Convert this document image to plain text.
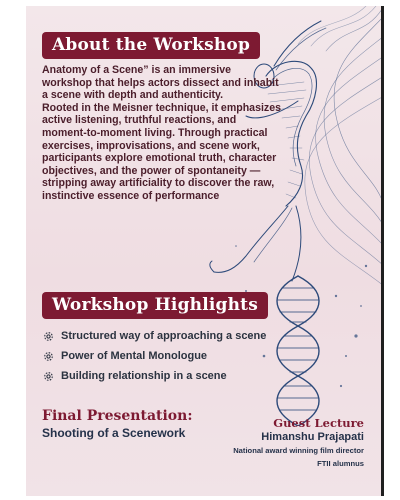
About the Workshop

Anatomy of a Scene” is an immersive workshop that helps actors dissect and inhabit a scene with depth and authenticity.

Rooted in the Meisner technique, it emphasizes active listening, truthful reactions, and moment-to-moment living. Through practical exercises, improvisations, and scene work, participants explore emotional truth, character objectives, and the power of spontaneity — stripping away artificiality to discover the raw, instinctive essence of performance

Workshop Highlights
Structured way of approaching a scene
Power of Mental Monologue
Building relationship in a scene
Final Presentation:
Shooting of a Scenework
Guest Lecture
Himanshu Prajapati
National award winning film director
FTII alumnus
